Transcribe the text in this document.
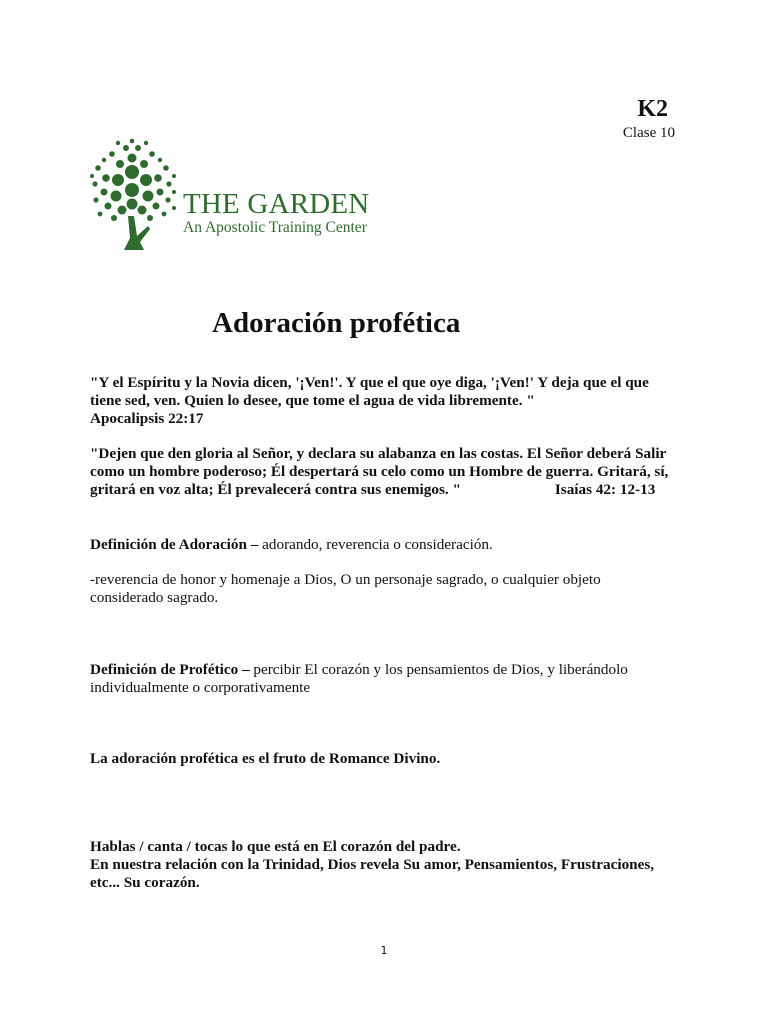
K2
Clase 10
THE GARDEN
An Apostolic Training Center
Adoración profética
"Y el Espíritu y la Novia dicen, '¡Ven!'. Y que el que oye diga, '¡Ven!' Y deja que el que
tiene sed, ven. Quien lo desee, que tome el agua de vida libremente. "
Apocalipsis 22:17
"Dejen que den gloria al Señor, y declara su alabanza en las costas. El Señor deberá Salir
como un hombre poderoso; Él despertará su celo como un Hombre de guerra. Gritará, sí,
gritará en voz alta; Él prevalecerá contra sus enemigos. "	Isaías 42: 12-13
Definición de Adoración – adorando, reverencia o consideración.
-reverencia de honor y homenaje a Dios, O un personaje sagrado, o cualquier objeto
considerado sagrado.
Definición de Profético – percibir El corazón y los pensamientos de Dios, y liberándolo
individualmente o corporativamente
La adoración profética es el fruto de Romance Divino.
Hablas / canta / tocas lo que está en El corazón del padre.
En nuestra relación con la Trinidad, Dios revela Su amor, Pensamientos, Frustraciones,
etc... Su corazón.
1
